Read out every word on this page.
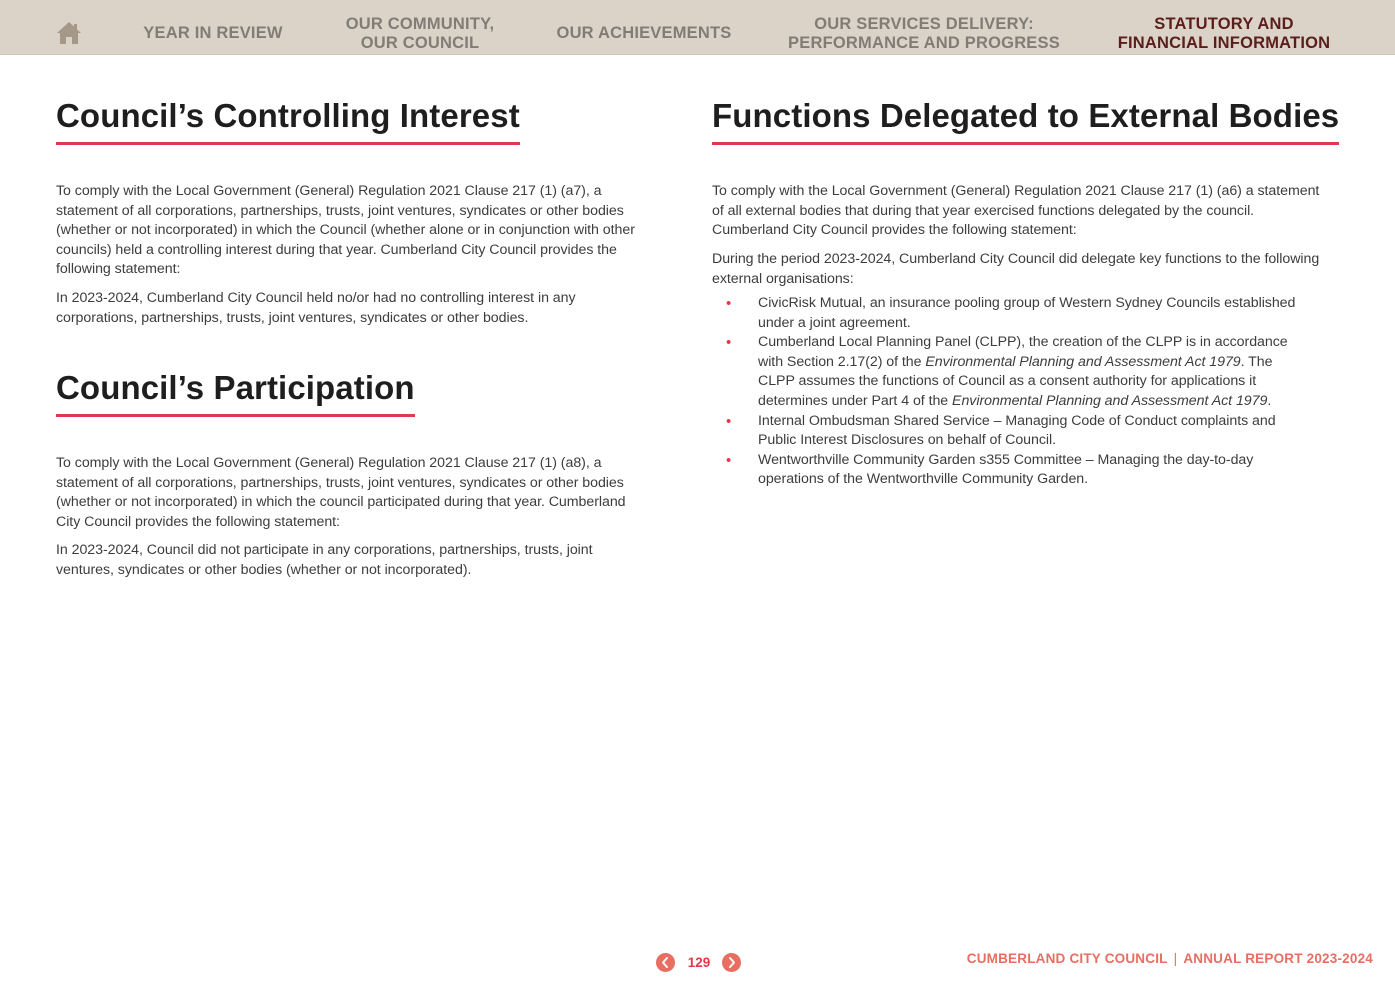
YEAR IN REVIEW
OUR COMMUNITY,
OUR COUNCIL
OUR ACHIEVEMENTS
OUR SERVICES DELIVERY:
PERFORMANCE AND PROGRESS
STATUTORY AND
FINANCIAL INFORMATION
Council’s Controlling Interest

To comply with the Local Government (General) Regulation 2021 Clause 217 (1) (a7), a statement of all corporations, partnerships, trusts, joint ventures, syndicates or other bodies (whether or not incorporated) in which the Council (whether alone or in conjunction with other councils) held a controlling interest during that year. Cumberland City Council provides the following statement:

In 2023-2024, Cumberland City Council held no/or had no controlling interest in any corporations, partnerships, trusts, joint ventures, syndicates or other bodies.

Council’s Participation

To comply with the Local Government (General) Regulation 2021 Clause 217 (1) (a8), a statement of all corporations, partnerships, trusts, joint ventures, syndicates or other bodies (whether or not incorporated) in which the council participated during that year. Cumberland City Council provides the following statement:

In 2023-2024, Council did not participate in any corporations, partnerships, trusts, joint ventures, syndicates or other bodies (whether or not incorporated).

Functions Delegated to External Bodies

To comply with the Local Government (General) Regulation 2021 Clause 217 (1) (a6) a statement of all external bodies that during that year exercised functions delegated by the council. Cumberland City Council provides the following statement:

During the period 2023-2024, Cumberland City Council did delegate key functions to the following external organisations:

• CivicRisk Mutual, an insurance pooling group of Western Sydney Councils established under a joint agreement.
• Cumberland Local Planning Panel (CLPP), the creation of the CLPP is in accordance with Section 2.17(2) of the Environmental Planning and Assessment Act 1979. The CLPP assumes the functions of Council as a consent authority for applications it determines under Part 4 of the Environmental Planning and Assessment Act 1979.
• Internal Ombudsman Shared Service – Managing Code of Conduct complaints and Public Interest Disclosures on behalf of Council.
• Wentworthville Community Garden s355 Committee – Managing the day-to-day operations of the Wentworthville Community Garden.
129	CUMBERLAND CITY COUNCIL | ANNUAL REPORT 2023-2024
